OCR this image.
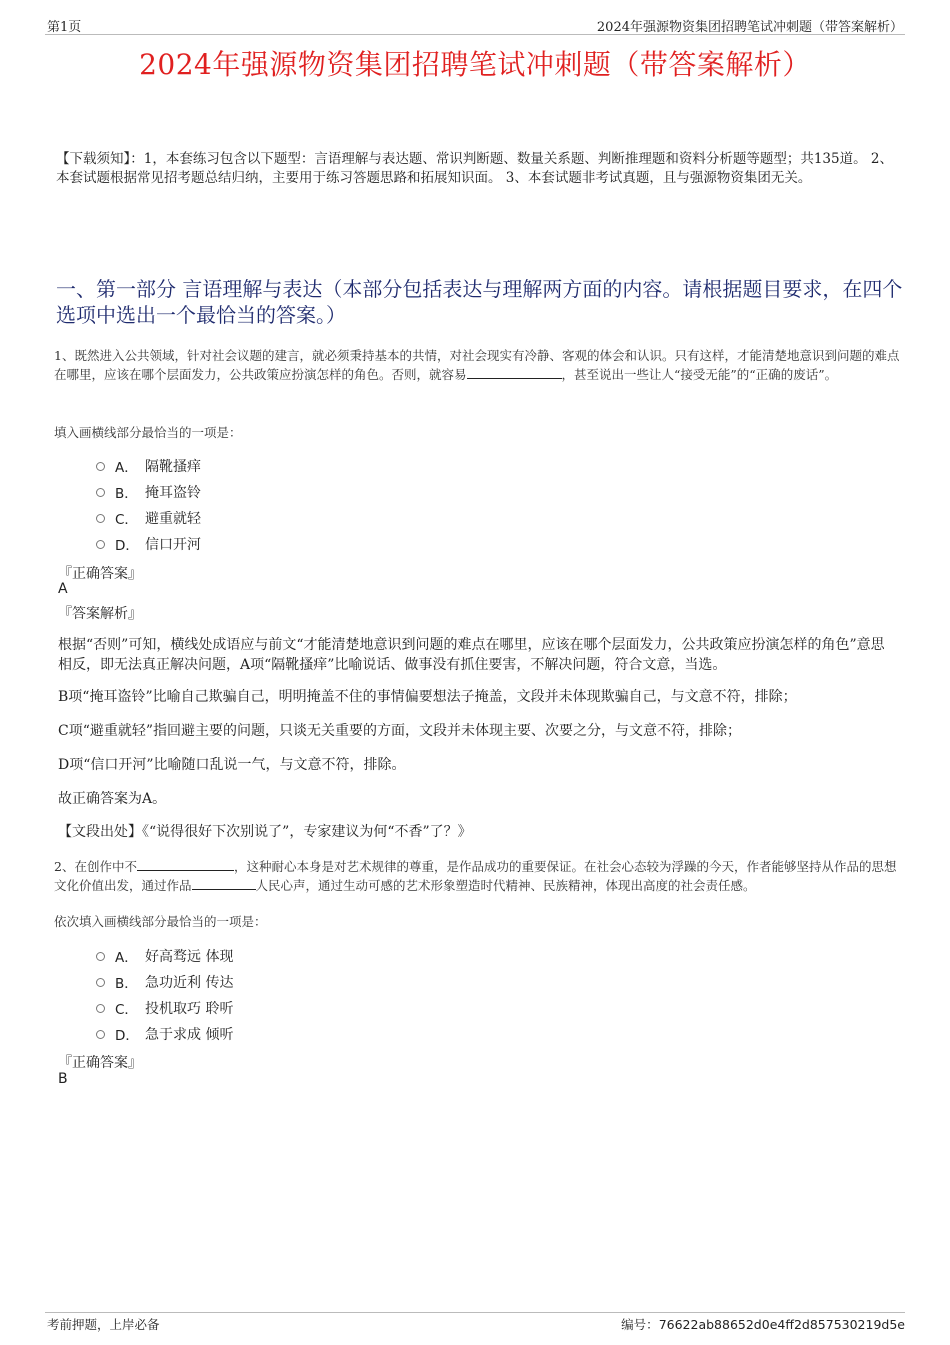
第1页	2024年强源物资集团招聘笔试冲刺题（带答案解析）
2024年强源物资集团招聘笔试冲刺题（带答案解析）
【下载须知】：1，本套练习包含以下题型：言语理解与表达题、常识判断题、数量关系题、判断推理题和资料分析题等题型；共135道。 2、本套试题根据常见招考题总结归纳，主要用于练习答题思路和拓展知识面。 3、本套试题非考试真题，且与强源物资集团无关。
一、第一部分 言语理解与表达（本部分包括表达与理解两方面的内容。请根据题目要求，在四个选项中选出一个最恰当的答案。）
1、既然进入公共领域，针对社会议题的建言，就必须秉持基本的共情，对社会现实有冷静、客观的体会和认识。只有这样，才能清楚地意识到问题的难点在哪里，应该在哪个层面发力，公共政策应扮演怎样的角色。否则，就容易	，甚至说出一些让人“接受无能”的“正确的废话”。
填入画横线部分最恰当的一项是：
A． 隔靴搔痒
B． 掩耳盗铃
C． 避重就轻
D． 信口开河
『正确答案』
A
『答案解析』
根据“否则”可知，横线处成语应与前文“才能清楚地意识到问题的难点在哪里，应该在哪个层面发力，公共政策应扮演怎样的角色”意思相反，即无法真正解决问题，A项“隔靴搔痒”比喻说话、做事没有抓住要害，不解决问题，符合文意，当选。
B项“掩耳盗铃”比喻自己欺骗自己，明明掩盖不住的事情偏要想法子掩盖，文段并未体现欺骗自己，与文意不符，排除；
C项“避重就轻”指回避主要的问题，只谈无关重要的方面，文段并未体现主要、次要之分，与文意不符，排除；
D项“信口开河”比喻随口乱说一气，与文意不符，排除。
故正确答案为A。
【文段出处】《“说得很好下次别说了”，专家建议为何“不香”了？》
2、在创作中不	，这种耐心本身是对艺术规律的尊重，是作品成功的重要保证。在社会心态较为浮躁的今天，作者能够坚持从作品的思想文化价值出发，通过作品	人民心声，通过生动可感的艺术形象塑造时代精神、民族精神，体现出高度的社会责任感。
依次填入画横线部分最恰当的一项是：
A． 好高骛远 体现
B． 急功近利 传达
C． 投机取巧 聆听
D． 急于求成 倾听
『正确答案』
B
考前押题，上岸必备	编号：76622ab88652d0e4ff2d857530219d5e
